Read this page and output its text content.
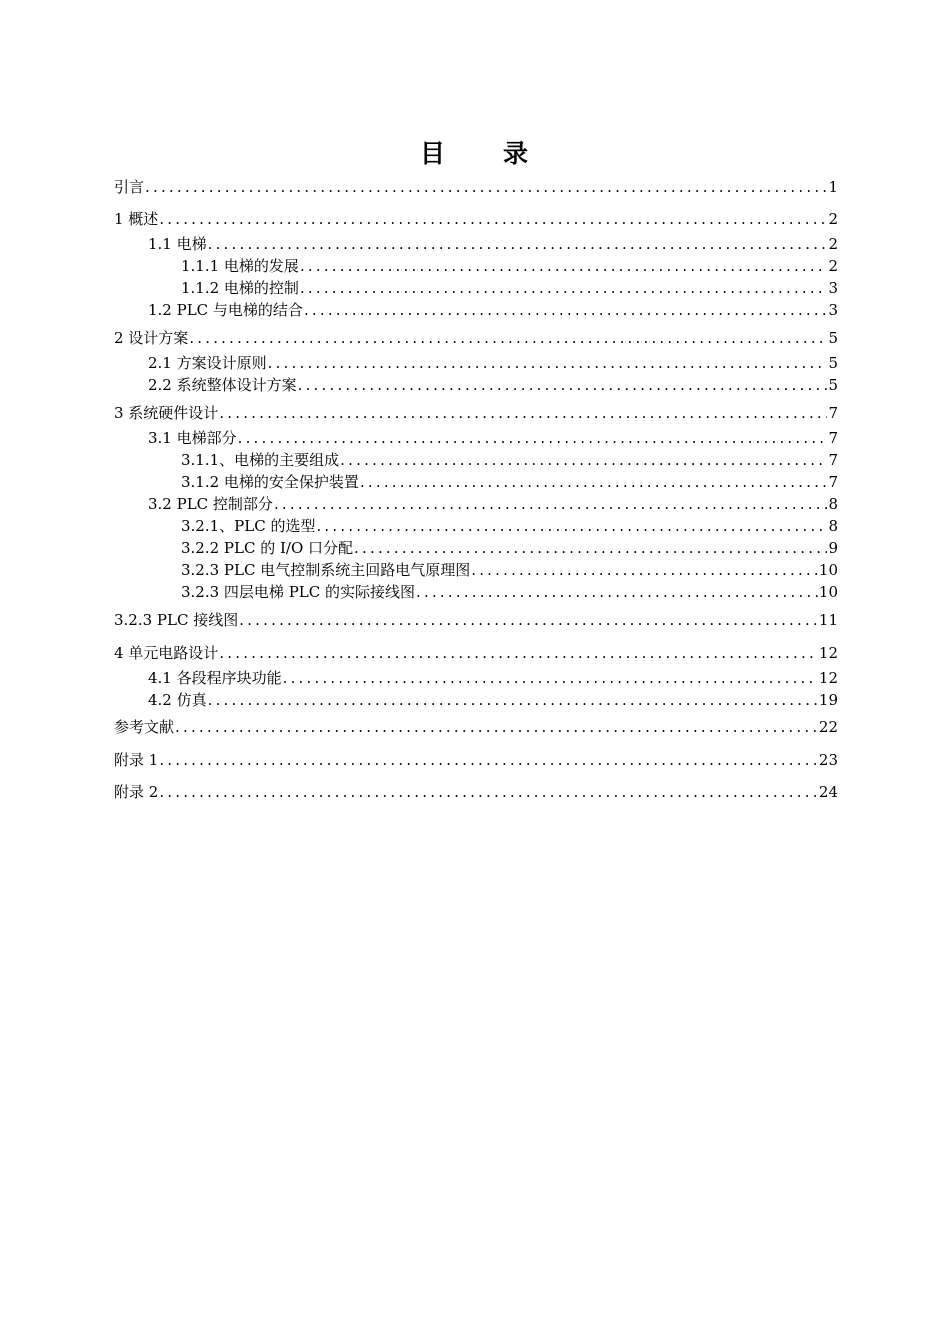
目 录
引言 .....	1
1 概述 .....	2
1.1 电梯 .....	2
1.1.1 电梯的发展 .....	2
1.1.2 电梯的控制 .....	3
1.2 PLC 与电梯的结合 .....	3
2 设计方案 .....	5
2.1 方案设计原则 .....	5
2.2 系统整体设计方案 .....	5
3 系统硬件设计 .....	7
3.1 电梯部分 .....	7
3.1.1、电梯的主要组成 .....	7
3.1.2 电梯的安全保护装置 .....	7
3.2 PLC 控制部分 .....	8
3.2.1、PLC 的选型 .....	8
3.2.2 PLC 的 I/O 口分配 .....	9
3.2.3 PLC 电气控制系统主回路电气原理图 .....	10
3.2.3 四层电梯 PLC 的实际接线图 .....	10
3.2.3 PLC 接线图 .....	11
4 单元电路设计 .....	12
4.1 各段程序块功能 .....	12
4.2 仿真 .....	19
参考文献 .....	22
附录 1 .....	23
附录 2 .....	24
